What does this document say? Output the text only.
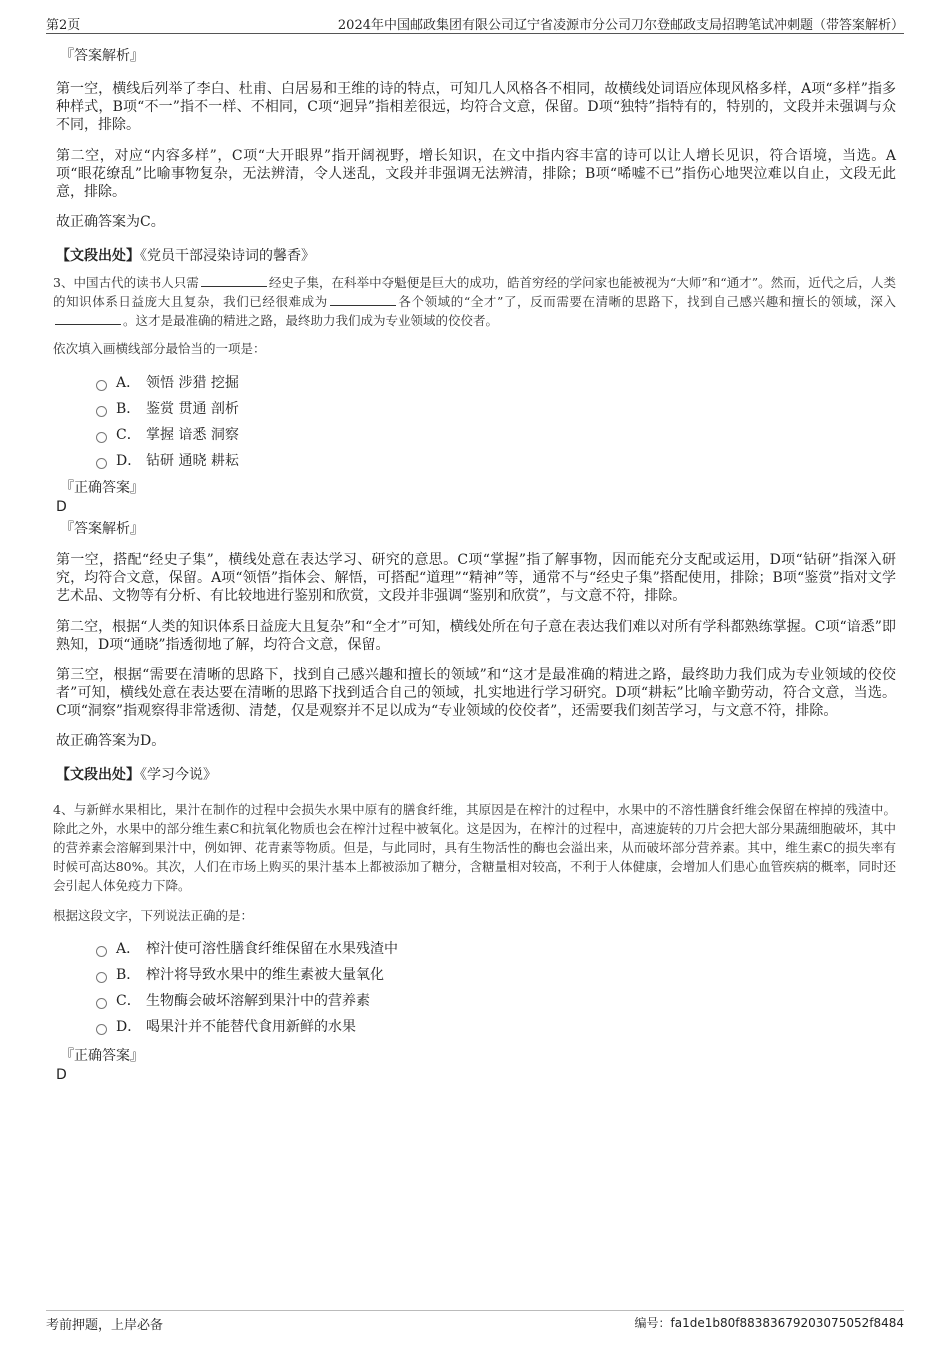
第2页	2024年中国邮政集团有限公司辽宁省凌源市分公司刀尔登邮政支局招聘笔试冲刺题（带答案解析）

『答案解析』

第一空，横线后列举了李白、杜甫、白居易和王维的诗的特点，可知几人风格各不相同，故横线处词语应体现风格多样，A项“多样”指多种样式，B项“不一”指不一样、不相同，C项“迥异”指相差很远，均符合文意，保留。D项“独特”指特有的，特别的，文段并未强调与众不同，排除。

第二空，对应“内容多样”，C项“大开眼界”指开阔视野，增长知识，在文中指内容丰富的诗可以让人增长见识，符合语境，当选。A项“眼花缭乱”比喻事物复杂，无法辨清，令人迷乱，文段并非强调无法辨清，排除；B项“唏嘘不已”指伤心地哭泣难以自止，文段无此意，排除。

故正确答案为C。

【文段出处】《党员干部浸染诗词的馨香》

3、中国古代的读书人只需	经史子集，在科举中夺魁便是巨大的成功，皓首穷经的学问家也能被视为“大师”和“通才”。然而，近代之后，人类的知识体系日益庞大且复杂，我们已经很难成为	各个领域的“全才”了，反而需要在清晰的思路下，找到自己感兴趣和擅长的领域，深入。这才是最准确的精进之路，最终助力我们成为专业领域的佼佼者。

依次填入画横线部分最恰当的一项是：

A． 领悟 涉猎 挖掘
B． 鉴赏 贯通 剖析
C． 掌握 谙悉 洞察
D． 钻研 通晓 耕耘

『正确答案』

D

『答案解析』

第一空，搭配“经史子集”，横线处意在表达学习、研究的意思。C项“掌握”指了解事物，因而能充分支配或运用，D项“钻研”指深入研究，均符合文意，保留。A项“领悟”指体会、解悟，可搭配“道理”“精神”等，通常不与“经史子集”搭配使用，排除；B项“鉴赏”指对文学艺术品、文物等有分析、有比较地进行鉴别和欣赏，文段并非强调“鉴别和欣赏”，与文意不符，排除。

第二空，根据“人类的知识体系日益庞大且复杂”和“全才”可知，横线处所在句子意在表达我们难以对所有学科都熟练掌握。C项“谙悉”即熟知，D项“通晓”指透彻地了解，均符合文意，保留。

第三空，根据“需要在清晰的思路下，找到自己感兴趣和擅长的领域”和“这才是最准确的精进之路，最终助力我们成为专业领域的佼佼者”可知，横线处意在表达要在清晰的思路下找到适合自己的领域，扎实地进行学习研究。D项“耕耘”比喻辛勤劳动，符合文意，当选。C项“洞察”指观察得非常透彻、清楚，仅是观察并不足以成为“专业领域的佼佼者”，还需要我们刻苦学习，与文意不符，排除。

故正确答案为D。

【文段出处】《学习今说》

4、与新鲜水果相比，果汁在制作的过程中会损失水果中原有的膳食纤维，其原因是在榨汁的过程中，水果中的不溶性膳食纤维会保留在榨掉的残渣中。除此之外，水果中的部分维生素C和抗氧化物质也会在榨汁过程中被氧化。这是因为，在榨汁的过程中，高速旋转的刀片会把大部分果蔬细胞破坏，其中的营养素会溶解到果汁中，例如钾、花青素等物质。但是，与此同时，具有生物活性的酶也会溢出来，从而破坏部分营养素。其中，维生素C的损失率有时候可高达80%。其次，人们在市场上购买的果汁基本上都被添加了糖分，含糖量相对较高，不利于人体健康，会增加人们患心血管疾病的概率，同时还会引起人体免疫力下降。

根据这段文字，下列说法正确的是：

A． 榨汁使可溶性膳食纤维保留在水果残渣中
B． 榨汁将导致水果中的维生素被大量氧化
C． 生物酶会破坏溶解到果汁中的营养素
D． 喝果汁并不能替代食用新鲜的水果

『正确答案』

D

考前押题，上岸必备	编号：fa1de1b80f88383679203075052f8484
